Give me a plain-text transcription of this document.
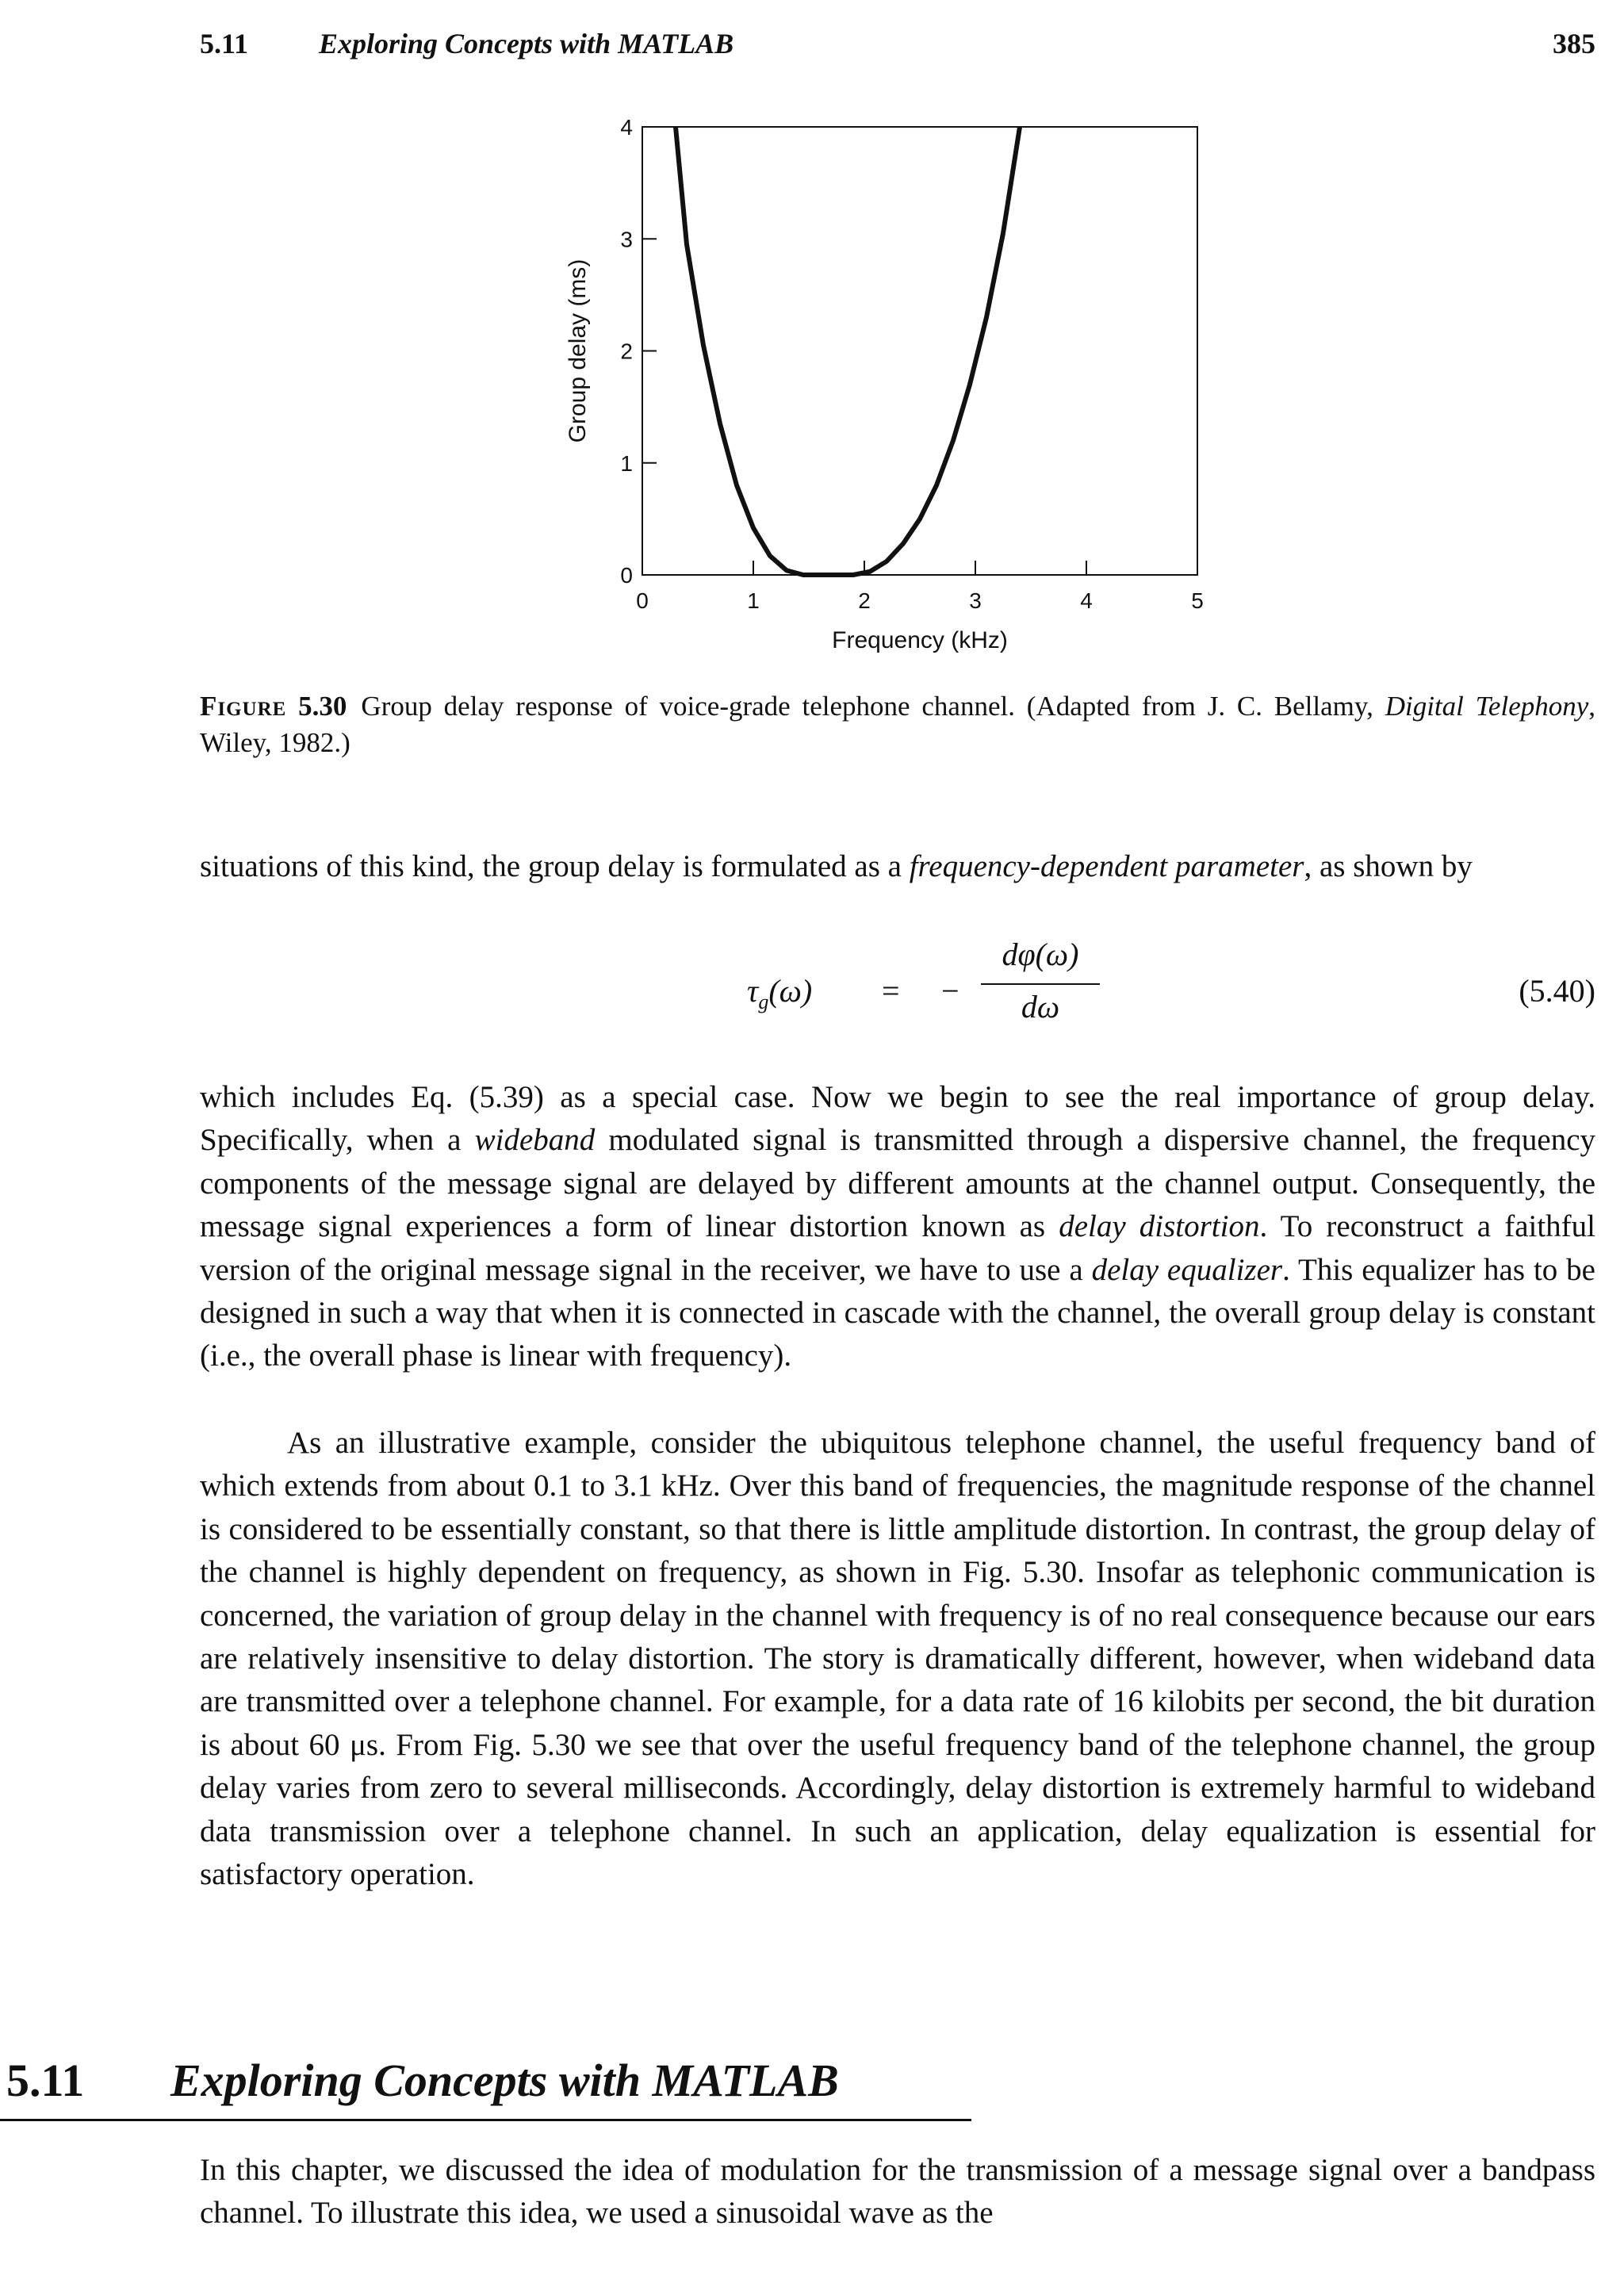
5.11 Exploring Concepts with MATLAB	385
0	1	2	3	4	5
0
1
2
3
4
Frequency (kHz)
Group delay (ms)
Figure 5.30 Group delay response of voice-grade telephone channel. (Adapted from J. C. Bellamy, Digital Telephony, Wiley, 1982.)
situations of this kind, the group delay is formulated as a frequency-dependent parameter, as shown by
$\tau_g(\omega)$ = −
dφ(ω)
dω	(5.40)
which includes Eq. (5.39) as a special case. Now we begin to see the real importance of group delay. Specifically, when a wideband modulated signal is transmitted through a dispersive channel, the frequency components of the message signal are delayed by different amounts at the channel output. Consequently, the message signal experiences a form of linear distortion known as delay distortion. To reconstruct a faithful version of the original message signal in the receiver, we have to use a delay equalizer. This equalizer has to be designed in such a way that when it is connected in cascade with the channel, the overall group delay is constant (i.e., the overall phase is linear with frequency).
As an illustrative example, consider the ubiquitous telephone channel, the useful frequency band of which extends from about 0.1 to 3.1 kHz. Over this band of frequencies, the magnitude response of the channel is considered to be essentially constant, so that there is little amplitude distortion. In contrast, the group delay of the channel is highly dependent on frequency, as shown in Fig. 5.30. Insofar as telephonic communication is concerned, the variation of group delay in the channel with frequency is of no real consequence because our ears are relatively insensitive to delay distortion. The story is dramatically different, however, when wideband data are transmitted over a telephone channel. For example, for a data rate of 16 kilobits per second, the bit duration is about 60 μs. From Fig. 5.30 we see that over the useful frequency band of the telephone channel, the group delay varies from zero to several milliseconds. Accordingly, delay distortion is extremely harmful to wideband data transmission over a telephone channel. In such an application, delay equalization is essential for satisfactory operation.
5.11 Exploring Concepts with MATLAB
In this chapter, we discussed the idea of modulation for the transmission of a message signal over a bandpass channel. To illustrate this idea, we used a sinusoidal wave as the
